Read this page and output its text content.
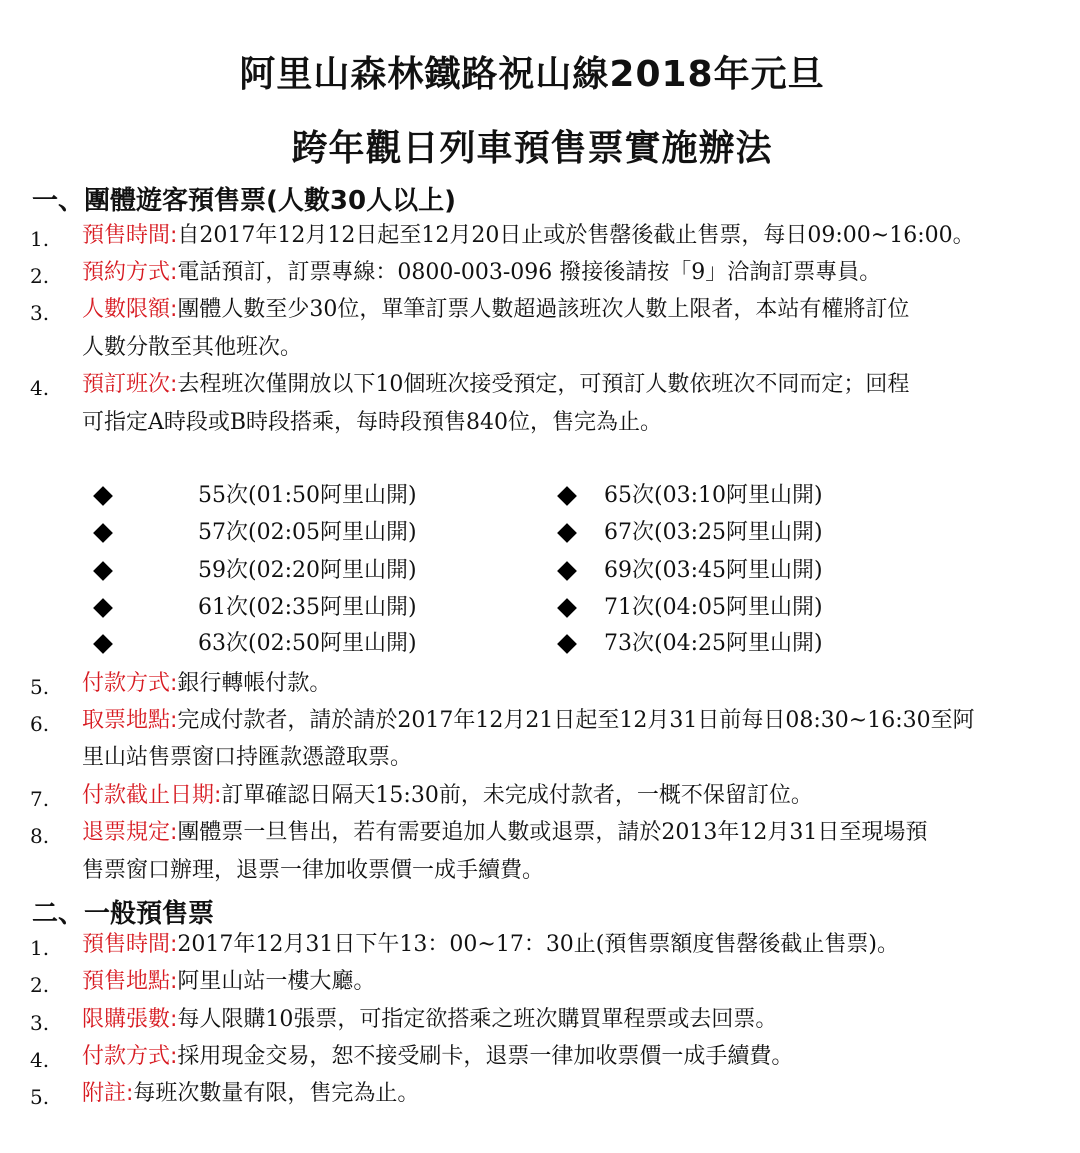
阿里山森林鐵路祝山線2018年元旦
跨年觀日列車預售票實施辦法
一、團體遊客預售票(人數30人以上)
1. 預售時間:自2017年12月12日起至12月20日止或於售罄後截止售票，每日09:00~16:00。
2. 預約方式:電話預訂，訂票專線：0800-003-096 撥接後請按「9」洽詢訂票專員。
3. 人數限額:團體人數至少30位，單筆訂票人數超過該班次人數上限者，本站有權將訂位
人數分散至其他班次。
4. 預訂班次:去程班次僅開放以下10個班次接受預定，可預訂人數依班次不同而定；回程
可指定A時段或B時段搭乘，每時段預售840位，售完為止。
55次(01:50阿里山開)	65次(03:10阿里山開)
57次(02:05阿里山開)	67次(03:25阿里山開)
59次(02:20阿里山開)	69次(03:45阿里山開)
61次(02:35阿里山開)	71次(04:05阿里山開)
63次(02:50阿里山開)	73次(04:25阿里山開)
5. 付款方式:銀行轉帳付款。
6. 取票地點:完成付款者，請於請於2017年12月21日起至12月31日前每日08:30~16:30至阿
里山站售票窗口持匯款憑證取票。
7. 付款截止日期:訂單確認日隔天15:30前，未完成付款者，一概不保留訂位。
8. 退票規定:團體票一旦售出，若有需要追加人數或退票，請於2013年12月31日至現場預
售票窗口辦理，退票一律加收票價一成手續費。
二、一般預售票
1. 預售時間:2017年12月31日下午13：00~17：30止(預售票額度售罄後截止售票)。
2. 預售地點:阿里山站一樓大廳。
3. 限購張數:每人限購10張票，可指定欲搭乘之班次購買單程票或去回票。
4. 付款方式:採用現金交易，恕不接受刷卡，退票一律加收票價一成手續費。
5. 附註:每班次數量有限，售完為止。
